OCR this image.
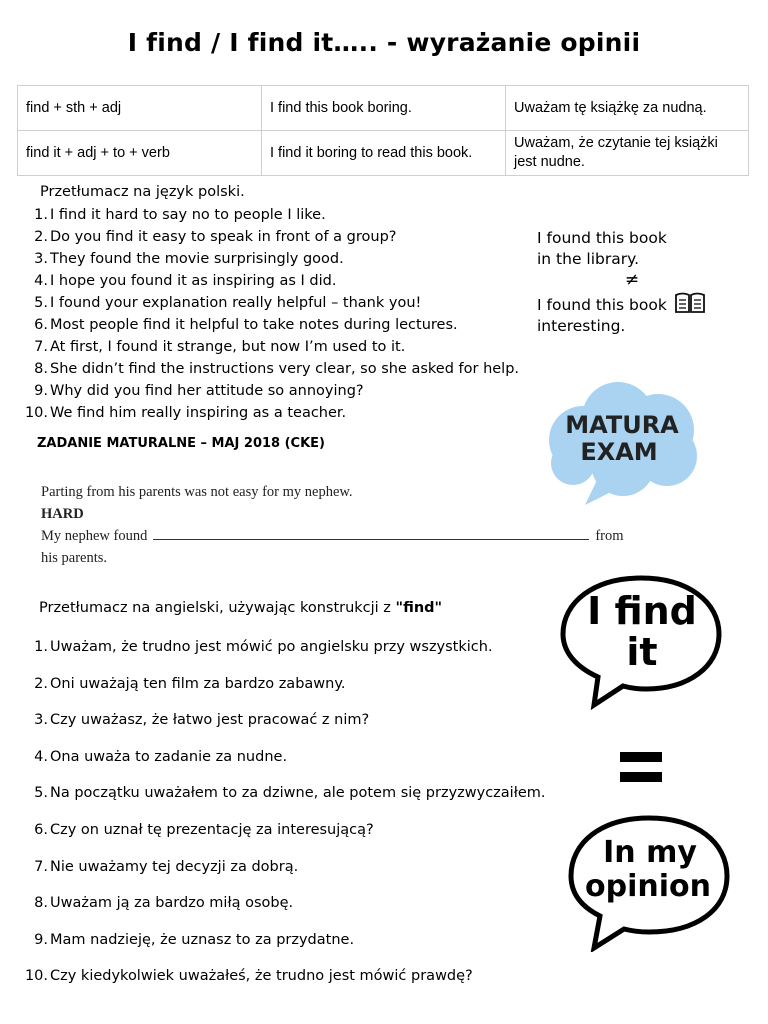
I find / I find it….. - wyrażanie opinii
find + sth + adj	I find this book boring.	Uważam tę książkę za nudną.
find it + adj + to + verb	I find it boring to read this book.	Uważam, że czytanie tej książki jest nudne.
Przetłumacz na język polski.
1. I find it hard to say no to people I like.
2. Do you find it easy to speak in front of a group?
3. They found the movie surprisingly good.
4. I hope you found it as inspiring as I did.
5. I found your explanation really helpful – thank you!
6. Most people find it helpful to take notes during lectures.
7. At first, I found it strange, but now I’m used to it.
8. She didn’t find the instructions very clear, so she asked for help.
9. Why did you find her attitude so annoying?
10. We find him really inspiring as a teacher.
I found this book
in the library.
≠
I found this book
interesting.
MATURA
EXAM
ZADANIE MATURALNE – MAJ 2018 (CKE)
Parting from his parents was not easy for my nephew.
HARD
My nephew found	from
his parents.
Przetłumacz na angielski, używając konstrukcji z "find"
1. Uważam, że trudno jest mówić po angielsku przy wszystkich.
2. Oni uważają ten film za bardzo zabawny.
3. Czy uważasz, że łatwo jest pracować z nim?
4. Ona uważa to zadanie za nudne.
5. Na początku uważałem to za dziwne, ale potem się przyzwyczaiłem.
6. Czy on uznał tę prezentację za interesującą?
7. Nie uważamy tej decyzji za dobrą.
8. Uważam ją za bardzo miłą osobę.
9. Mam nadzieję, że uznasz to za przydatne.
10. Czy kiedykolwiek uważałeś, że trudno jest mówić prawdę?
I find
it
In my
opinion
